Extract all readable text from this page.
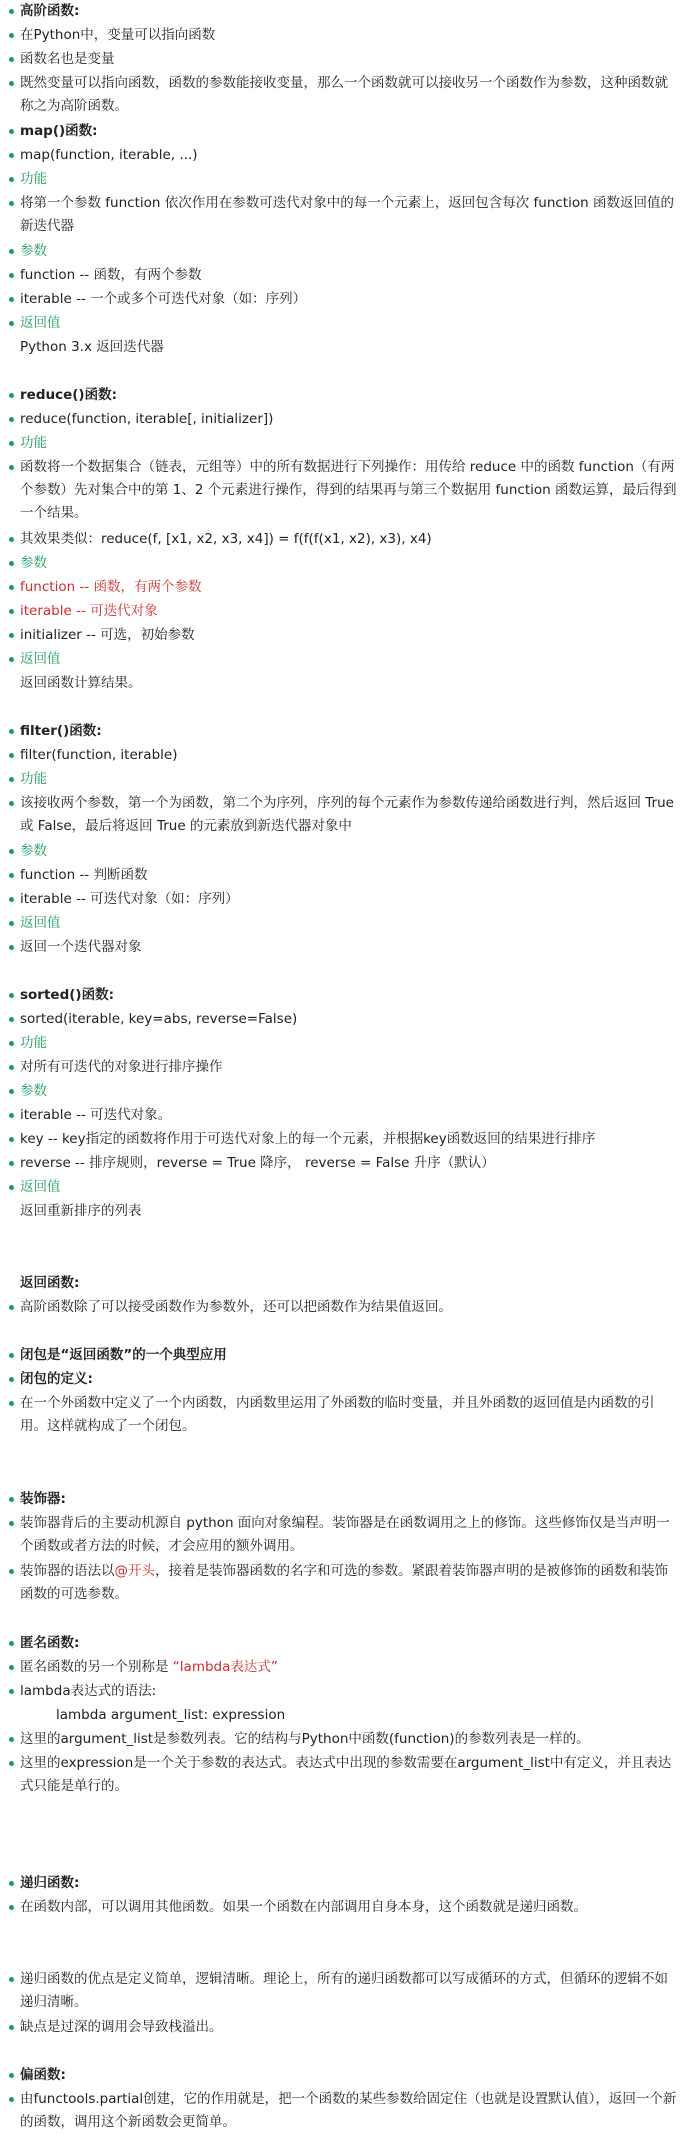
高阶函数:
在Python中，变量可以指向函数
函数名也是变量
既然变量可以指向函数，函数的参数能接收变量，那么一个函数就可以接收另一个函数作为参数，这种函数就称之为高阶函数。
map()函数:
map(function, iterable, ...)
功能
将第一个参数 function 依次作用在参数可迭代对象中的每一个元素上，返回包含每次 function 函数返回值的新迭代器
参数
function -- 函数，有两个参数
iterable -- 一个或多个可迭代对象（如：序列）
返回值
Python 3.x 返回迭代器
reduce()函数:
reduce(function, iterable[, initializer])
功能
函数将一个数据集合（链表，元组等）中的所有数据进行下列操作：用传给 reduce 中的函数 function（有两个参数）先对集合中的第 1、2 个元素进行操作，得到的结果再与第三个数据用 function 函数运算，最后得到一个结果。
其效果类似：reduce(f, [x1, x2, x3, x4]) = f(f(f(x1, x2), x3), x4)
参数
function -- 函数，有两个参数
iterable -- 可迭代对象
initializer -- 可选，初始参数
返回值
返回函数计算结果。
filter()函数:
filter(function, iterable)
功能
该接收两个参数，第一个为函数，第二个为序列，序列的每个元素作为参数传递给函数进行判，然后返回 True 或 False，最后将返回 True 的元素放到新迭代器对象中
参数
function -- 判断函数
iterable -- 可迭代对象（如：序列）
返回值
返回一个迭代器对象
sorted()函数:
sorted(iterable, key=abs, reverse=False)
功能
对所有可迭代的对象进行排序操作
参数
iterable -- 可迭代对象。
key -- key指定的函数将作用于可迭代对象上的每一个元素，并根据key函数返回的结果进行排序
reverse -- 排序规则，reverse = True 降序， reverse = False 升序（默认）
返回值
返回重新排序的列表
返回函数:
高阶函数除了可以接受函数作为参数外，还可以把函数作为结果值返回。
闭包是“返回函数”的一个典型应用
闭包的定义:
在一个外函数中定义了一个内函数，内函数里运用了外函数的临时变量，并且外函数的返回值是内函数的引用。这样就构成了一个闭包。
装饰器:
装饰器背后的主要动机源自 python 面向对象编程。装饰器是在函数调用之上的修饰。这些修饰仅是当声明一个函数或者方法的时候，才会应用的额外调用。
装饰器的语法以@开头，接着是装饰器函数的名字和可选的参数。紧跟着装饰器声明的是被修饰的函数和装饰函数的可选参数。
匿名函数:
匿名函数的另一个别称是 “lambda表达式”
lambda表达式的语法:
lambda argument_list: expression
这里的argument_list是参数列表。它的结构与Python中函数(function)的参数列表是一样的。
这里的expression是一个关于参数的表达式。表达式中出现的参数需要在argument_list中有定义，并且表达式只能是单行的。
递归函数:
在函数内部，可以调用其他函数。如果一个函数在内部调用自身本身，这个函数就是递归函数。
递归函数的优点是定义简单，逻辑清晰。理论上，所有的递归函数都可以写成循环的方式，但循环的逻辑不如递归清晰。
缺点是过深的调用会导致栈溢出。
偏函数:
由functools.partial创建，它的作用就是，把一个函数的某些参数给固定住（也就是设置默认值），返回一个新的函数，调用这个新函数会更简单。
